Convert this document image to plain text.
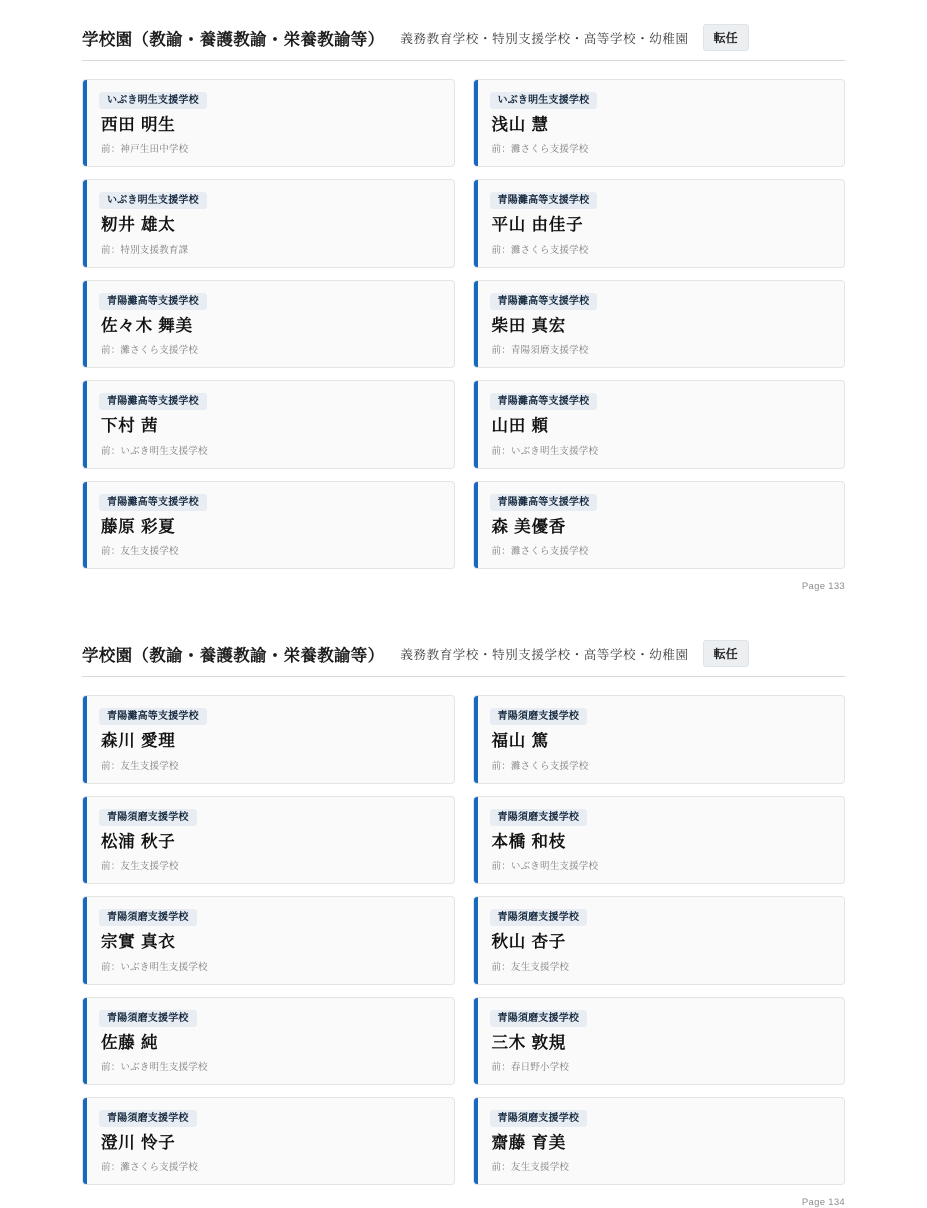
学校園（教諭・養護教諭・栄養教諭等） 義務教育学校・特別支援学校・高等学校・幼稚園	転任
いぶき明生支援学校
西田 明生
前：神戸生田中学校
いぶき明生支援学校
浅山 慧
前：灘さくら支援学校
いぶき明生支援学校
籾井 雄太
前：特別支援教育課
青陽灘高等支援学校
平山 由佳子
前：灘さくら支援学校
青陽灘高等支援学校
佐々木 舞美
前：灘さくら支援学校
青陽灘高等支援学校
柴田 真宏
前：青陽須磨支援学校
青陽灘高等支援学校
下村 茜
前：いぶき明生支援学校
青陽灘高等支援学校
山田 頼
前：いぶき明生支援学校
青陽灘高等支援学校
藤原 彩夏
前：友生支援学校
青陽灘高等支援学校
森 美優香
前：灘さくら支援学校
Page 133
学校園（教諭・養護教諭・栄養教諭等） 義務教育学校・特別支援学校・高等学校・幼稚園	転任
青陽灘高等支援学校
森川 愛理
前：友生支援学校
青陽須磨支援学校
福山 篤
前：灘さくら支援学校
青陽須磨支援学校
松浦 秋子
前：友生支援学校
青陽須磨支援学校
本橋 和枝
前：いぶき明生支援学校
青陽須磨支援学校
宗實 真衣
前：いぶき明生支援学校
青陽須磨支援学校
秋山 杏子
前：友生支援学校
青陽須磨支援学校
佐藤 純
前：いぶき明生支援学校
青陽須磨支援学校
三木 敦規
前：春日野小学校
青陽須磨支援学校
澄川 怜子
前：灘さくら支援学校
青陽須磨支援学校
齋藤 育美
前：友生支援学校
Page 134
